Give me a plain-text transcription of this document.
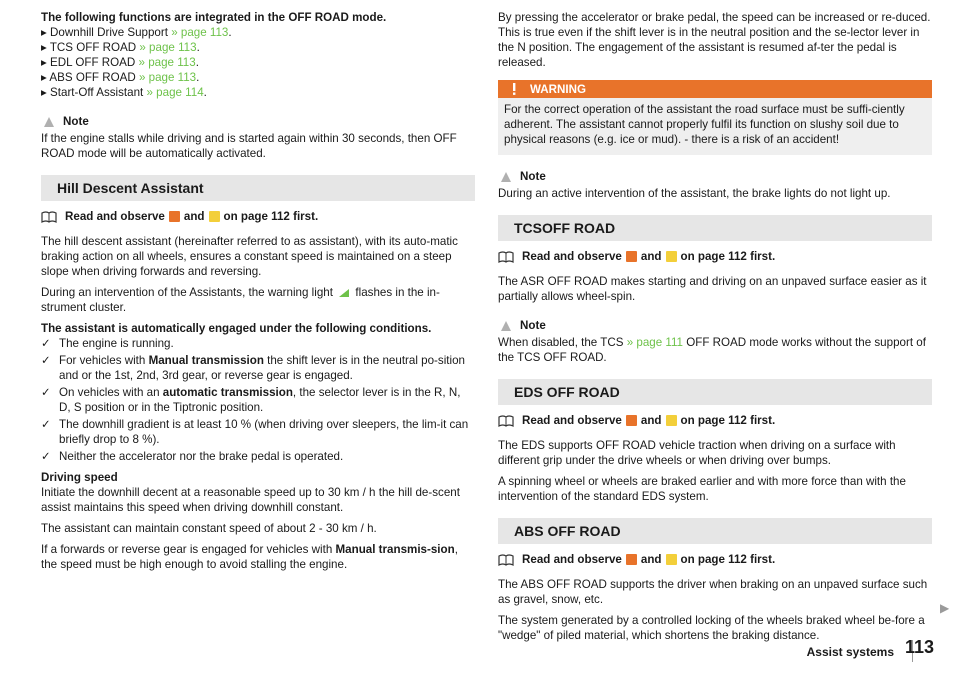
The following functions are integrated in the OFF ROAD mode.

▸ Downhill Drive Support » page 113.
▸ TCS OFF ROAD » page 113.
▸ EDL OFF ROAD » page 113.
▸ ABS OFF ROAD » page 113.
▸ Start-Off Assistant » page 114.
Note

If the engine stalls while driving and is started again within 30 seconds, then OFF ROAD mode will be automatically activated.

Hill Descent Assistant
Read and observe and on page 112 first.

The hill descent assistant (hereinafter referred to as assistant), with its auto-matic braking action on all wheels, ensures a constant speed is maintained on a steep slope when driving forwards and reversing.

During an intervention of the Assistants, the warning light flashes in the in-strument cluster.

The assistant is automatically engaged under the following conditions.
✓ The engine is running.
✓ For vehicles with Manual transmission the shift lever is in the neutral po-sition and or the 1st, 2nd, 3rd gear, or reverse gear is engaged.
✓ On vehicles with an automatic transmission, the selector lever is in the R, N, D, S position or in the Tiptronic position.
✓ The downhill gradient is at least 10 % (when driving over sleepers, the lim-it can briefly drop to 8 %).
✓ Neither the accelerator nor the brake pedal is operated.
Driving speed

Initiate the downhill decent at a reasonable speed up to 30 km / h the hill de-scent assist maintains this speed when driving downhill constant.

The assistant can maintain constant speed of about 2 - 30 km / h.

If a forwards or reverse gear is engaged for vehicles with Manual transmis-sion, the speed must be high enough to avoid stalling the engine.

By pressing the accelerator or brake pedal, the speed can be increased or re-duced. This is true even if the shift lever is in the neutral position and the se-lector lever in the N position. The engagement of the assistant is resumed af-ter the pedal is released.

WARNING
For the correct operation of the assistant the road surface must be suffi-ciently adherent. The assistant cannot properly fulfil its function on slushy soil due to physical reasons (e.g. ice or mud). - there is a risk of an accident!
Note

During an active intervention of the assistant, the brake lights do not light up.

TCSOFF ROAD
Read and observe and on page 112 first.

The ASR OFF ROAD makes starting and driving on an unpaved surface easier as it partially allows wheel-spin.

Note

When disabled, the TCS » page 111 OFF ROAD mode works without the support of the TCS OFF ROAD.

EDS OFF ROAD
Read and observe and on page 112 first.

The EDS supports OFF ROAD vehicle traction when driving on a surface with different grip under the drive wheels or when driving over bumps.

A spinning wheel or wheels are braked earlier and with more force than with the intervention of the standard EDS system.

ABS OFF ROAD
Read and observe and on page 112 first.

The ABS OFF ROAD supports the driver when braking on an unpaved surface such as gravel, snow, etc.

The system generated by a controlled locking of the wheels braked wheel be-fore a "wedge" of piled material, which shortens the braking distance.

▶
Assist systems 113
